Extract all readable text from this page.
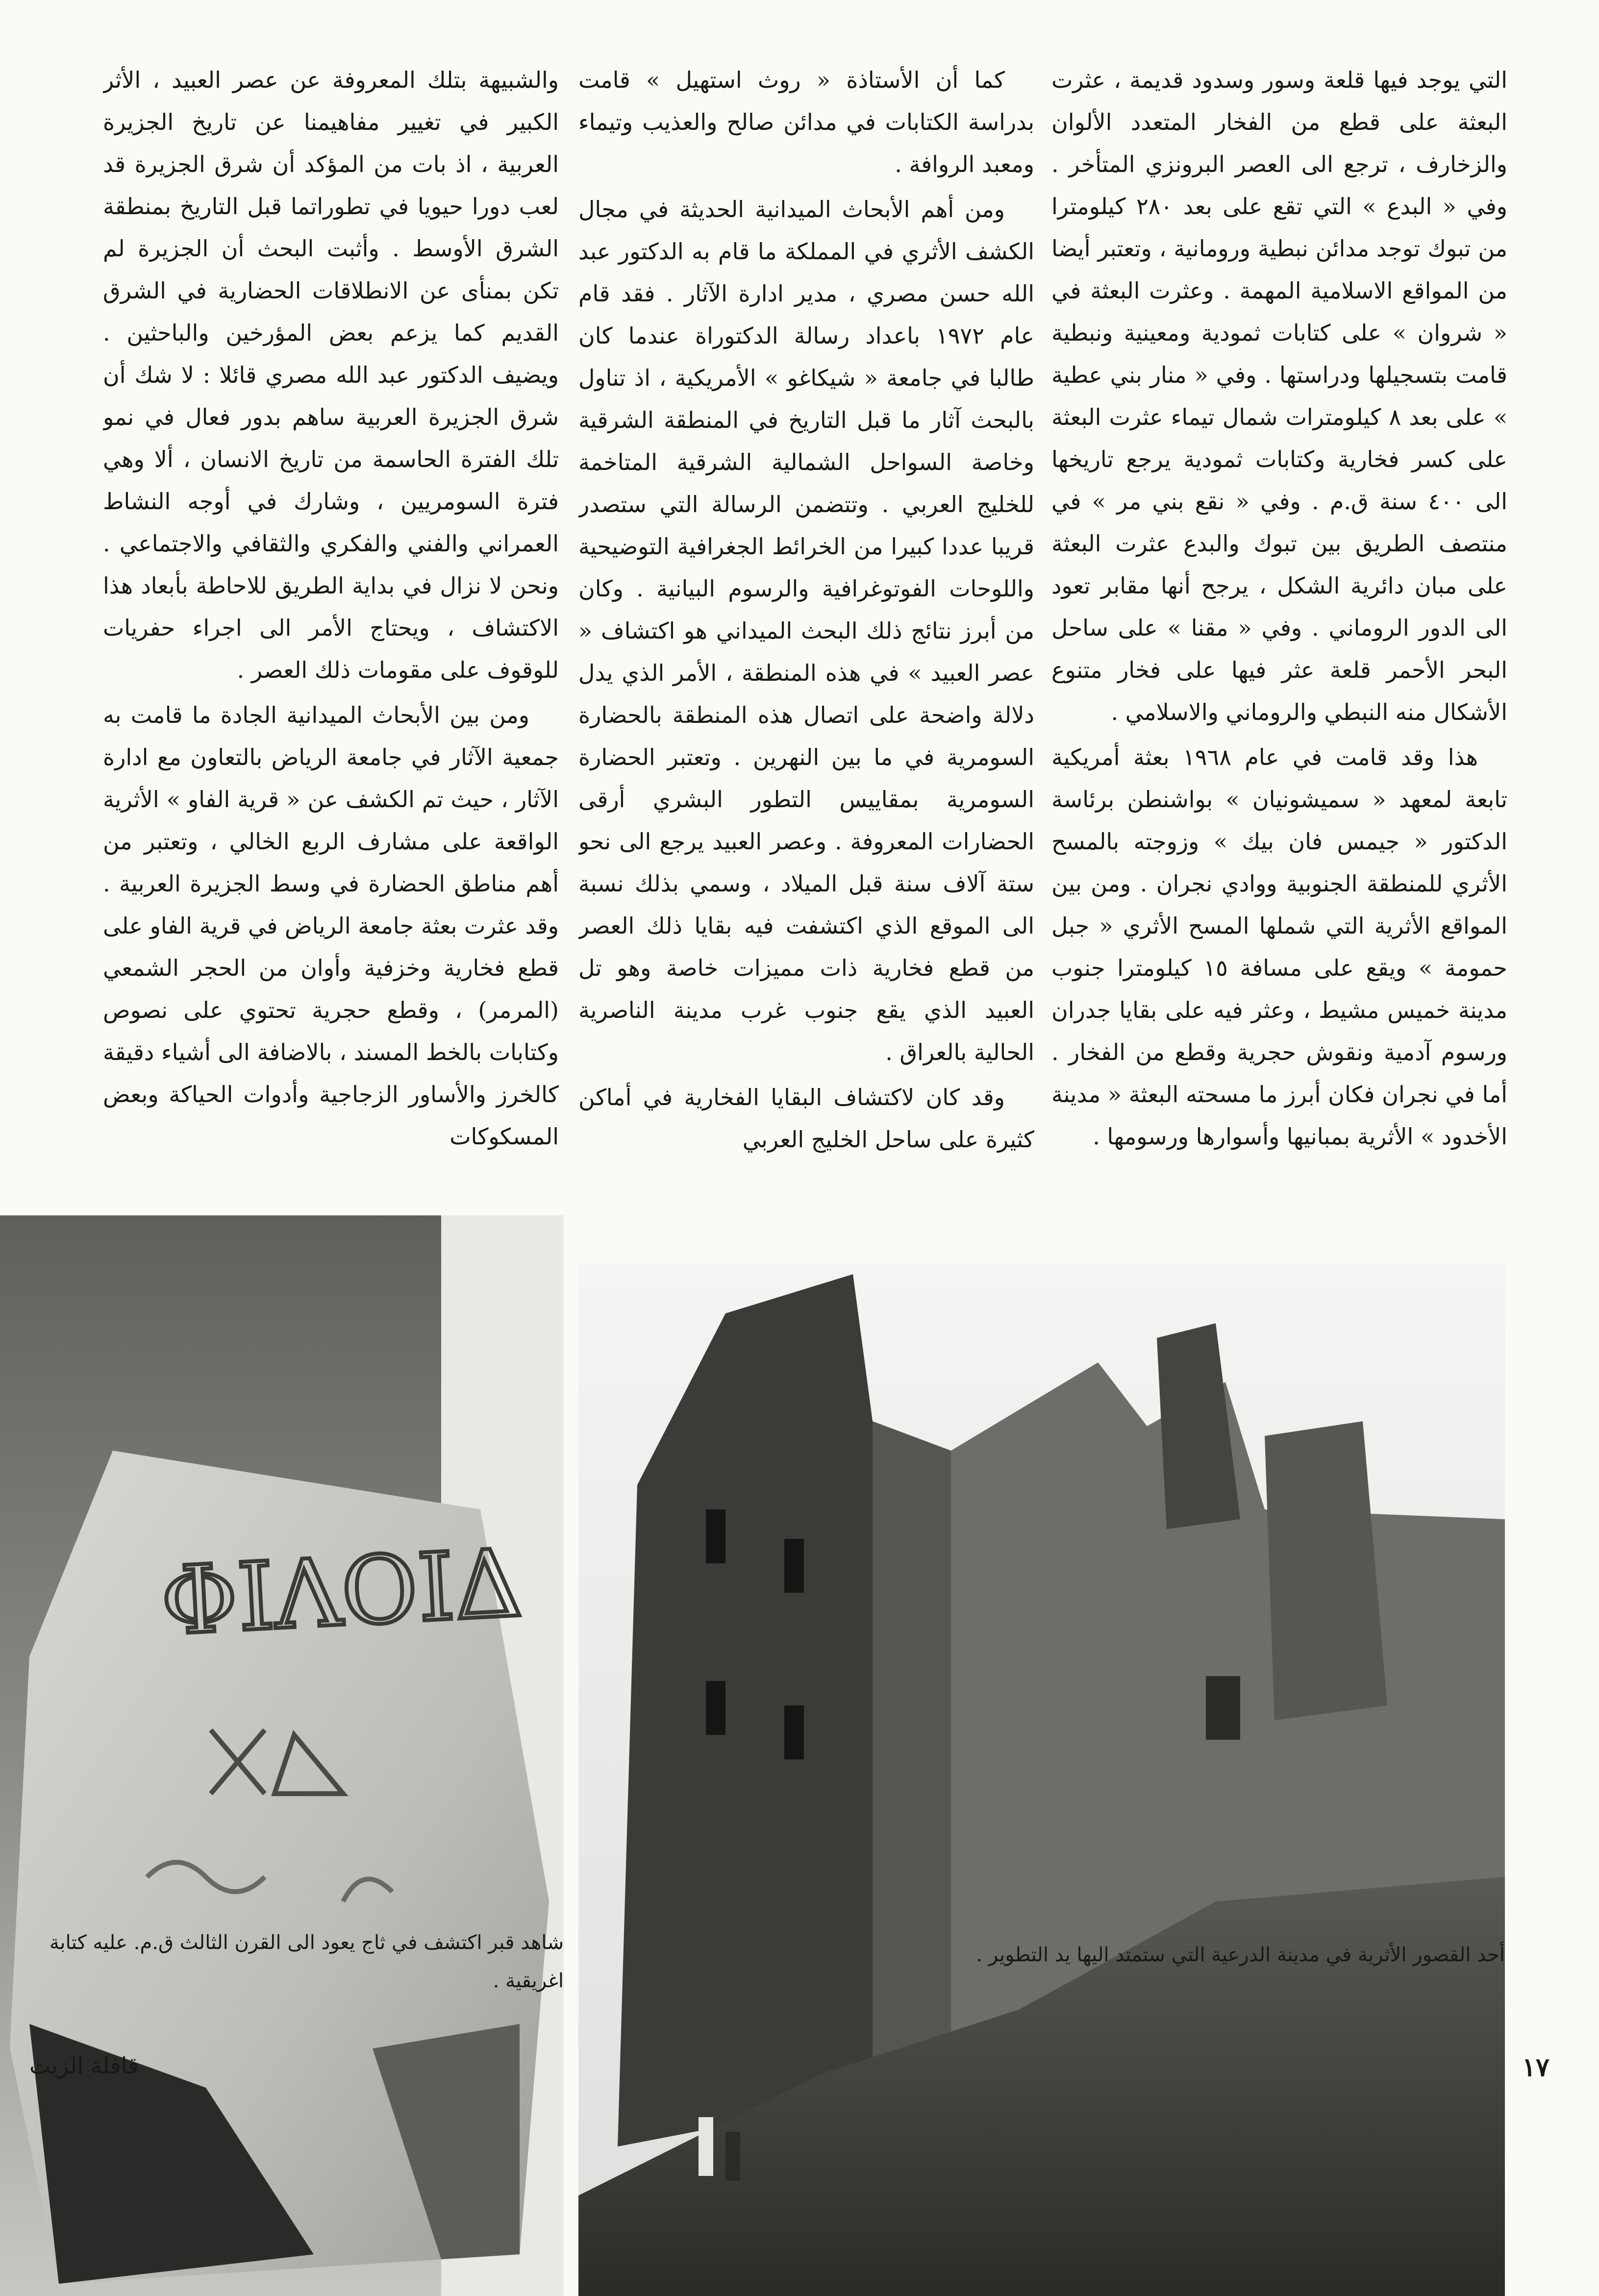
التي يوجد فيها قلعة وسور وسدود قديمة ، عثرت البعثة على قطع من الفخار المتعدد الألوان والزخارف ، ترجع الى العصر البرونزي المتأخر . وفي « البدع » التي تقع على بعد ٢٨٠ كيلومترا من تبوك توجد مدائن نبطية ورومانية ، وتعتبر أيضا من المواقع الاسلامية المهمة . وعثرت البعثة في « شروان » على كتابات ثمودية ومعينية ونبطية قامت بتسجيلها ودراستها . وفي « منار بني عطية » على بعد ٨ كيلومترات شمال تيماء عثرت البعثة على كسر فخارية وكتابات ثمودية يرجع تاريخها الى ٤٠٠ سنة ق.م . وفي « نقع بني مر » في منتصف الطريق بين تبوك والبدع عثرت البعثة على مبان دائرية الشكل ، يرجح أنها مقابر تعود الى الدور الروماني . وفي « مقنا » على ساحل البحر الأحمر قلعة عثر فيها على فخار متنوع الأشكال منه النبطي والروماني والاسلامي .

هذا وقد قامت في عام ١٩٦٨ بعثة أمريكية تابعة لمعهد « سميشونيان » بواشنطن برئاسة الدكتور « جيمس فان بيك » وزوجته بالمسح الأثري للمنطقة الجنوبية ووادي نجران . ومن بين المواقع الأثرية التي شملها المسح الأثري « جبل حمومة » ويقع على مسافة ١٥ كيلومترا جنوب مدينة خميس مشيط ، وعثر فيه على بقايا جدران ورسوم آدمية ونقوش حجرية وقطع من الفخار . أما في نجران فكان أبرز ما مسحته البعثة « مدينة الأخدود » الأثرية بمبانيها وأسوارها ورسومها .

كما أن الأستاذة « روث استهيل » قامت بدراسة الكتابات في مدائن صالح والعذيب وتيماء ومعبد الروافة .

ومن أهم الأبحاث الميدانية الحديثة في مجال الكشف الأثري في المملكة ما قام به الدكتور عبد الله حسن مصري ، مدير ادارة الآثار . فقد قام عام ١٩٧٢ باعداد رسالة الدكتوراة عندما كان طالبا في جامعة « شيكاغو » الأمريكية ، اذ تناول بالبحث آثار ما قبل التاريخ في المنطقة الشرقية وخاصة السواحل الشمالية الشرقية المتاخمة للخليج العربي . وتتضمن الرسالة التي ستصدر قريبا عددا كبيرا من الخرائط الجغرافية التوضيحية واللوحات الفوتوغرافية والرسوم البيانية . وكان من أبرز نتائج ذلك البحث الميداني هو اكتشاف « عصر العبيد » في هذه المنطقة ، الأمر الذي يدل دلالة واضحة على اتصال هذه المنطقة بالحضارة السومرية في ما بين النهرين . وتعتبر الحضارة السومرية بمقاييس التطور البشري أرقى الحضارات المعروفة . وعصر العبيد يرجع الى نحو ستة آلاف سنة قبل الميلاد ، وسمي بذلك نسبة الى الموقع الذي اكتشفت فيه بقايا ذلك العصر من قطع فخارية ذات مميزات خاصة وهو تل العبيد الذي يقع جنوب غرب مدينة الناصرية الحالية بالعراق .

وقد كان لاكتشاف البقايا الفخارية في أماكن كثيرة على ساحل الخليج العربي

والشبيهة بتلك المعروفة عن عصر العبيد ، الأثر الكبير في تغيير مفاهيمنا عن تاريخ الجزيرة العربية ، اذ بات من المؤكد أن شرق الجزيرة قد لعب دورا حيويا في تطوراتما قبل التاريخ بمنطقة الشرق الأوسط . وأثبت البحث أن الجزيرة لم تكن بمنأى عن الانطلاقات الحضارية في الشرق القديم كما يزعم بعض المؤرخين والباحثين . ويضيف الدكتور عبد الله مصري قائلا : لا شك أن شرق الجزيرة العربية ساهم بدور فعال في نمو تلك الفترة الحاسمة من تاريخ الانسان ، ألا وهي فترة السومريين ، وشارك في أوجه النشاط العمراني والفني والفكري والثقافي والاجتماعي . ونحن لا نزال في بداية الطريق للاحاطة بأبعاد هذا الاكتشاف ، ويحتاج الأمر الى اجراء حفريات للوقوف على مقومات ذلك العصر .

ومن بين الأبحاث الميدانية الجادة ما قامت به جمعية الآثار في جامعة الرياض بالتعاون مع ادارة الآثار ، حيث تم الكشف عن « قرية الفاو » الأثرية الواقعة على مشارف الربع الخالي ، وتعتبر من أهم مناطق الحضارة في وسط الجزيرة العربية . وقد عثرت بعثة جامعة الرياض في قرية الفاو على قطع فخارية وخزفية وأوان من الحجر الشمعي (المرمر) ، وقطع حجرية تحتوي على نصوص وكتابات بالخط المسند ، بالاضافة الى أشياء دقيقة كالخرز والأساور الزجاجية وأدوات الحياكة وبعض المسكوكات

ΦΙΛΟΙΔ
شاهد قبر اكتشف في ثاج يعود الى القرن الثالث ق.م. عليه كتابة اغريقية .
أحد القصور الأثرية في مدينة الدرعية التي ستمتد اليها يد التطوير .
١٧
قافلة الزيت
